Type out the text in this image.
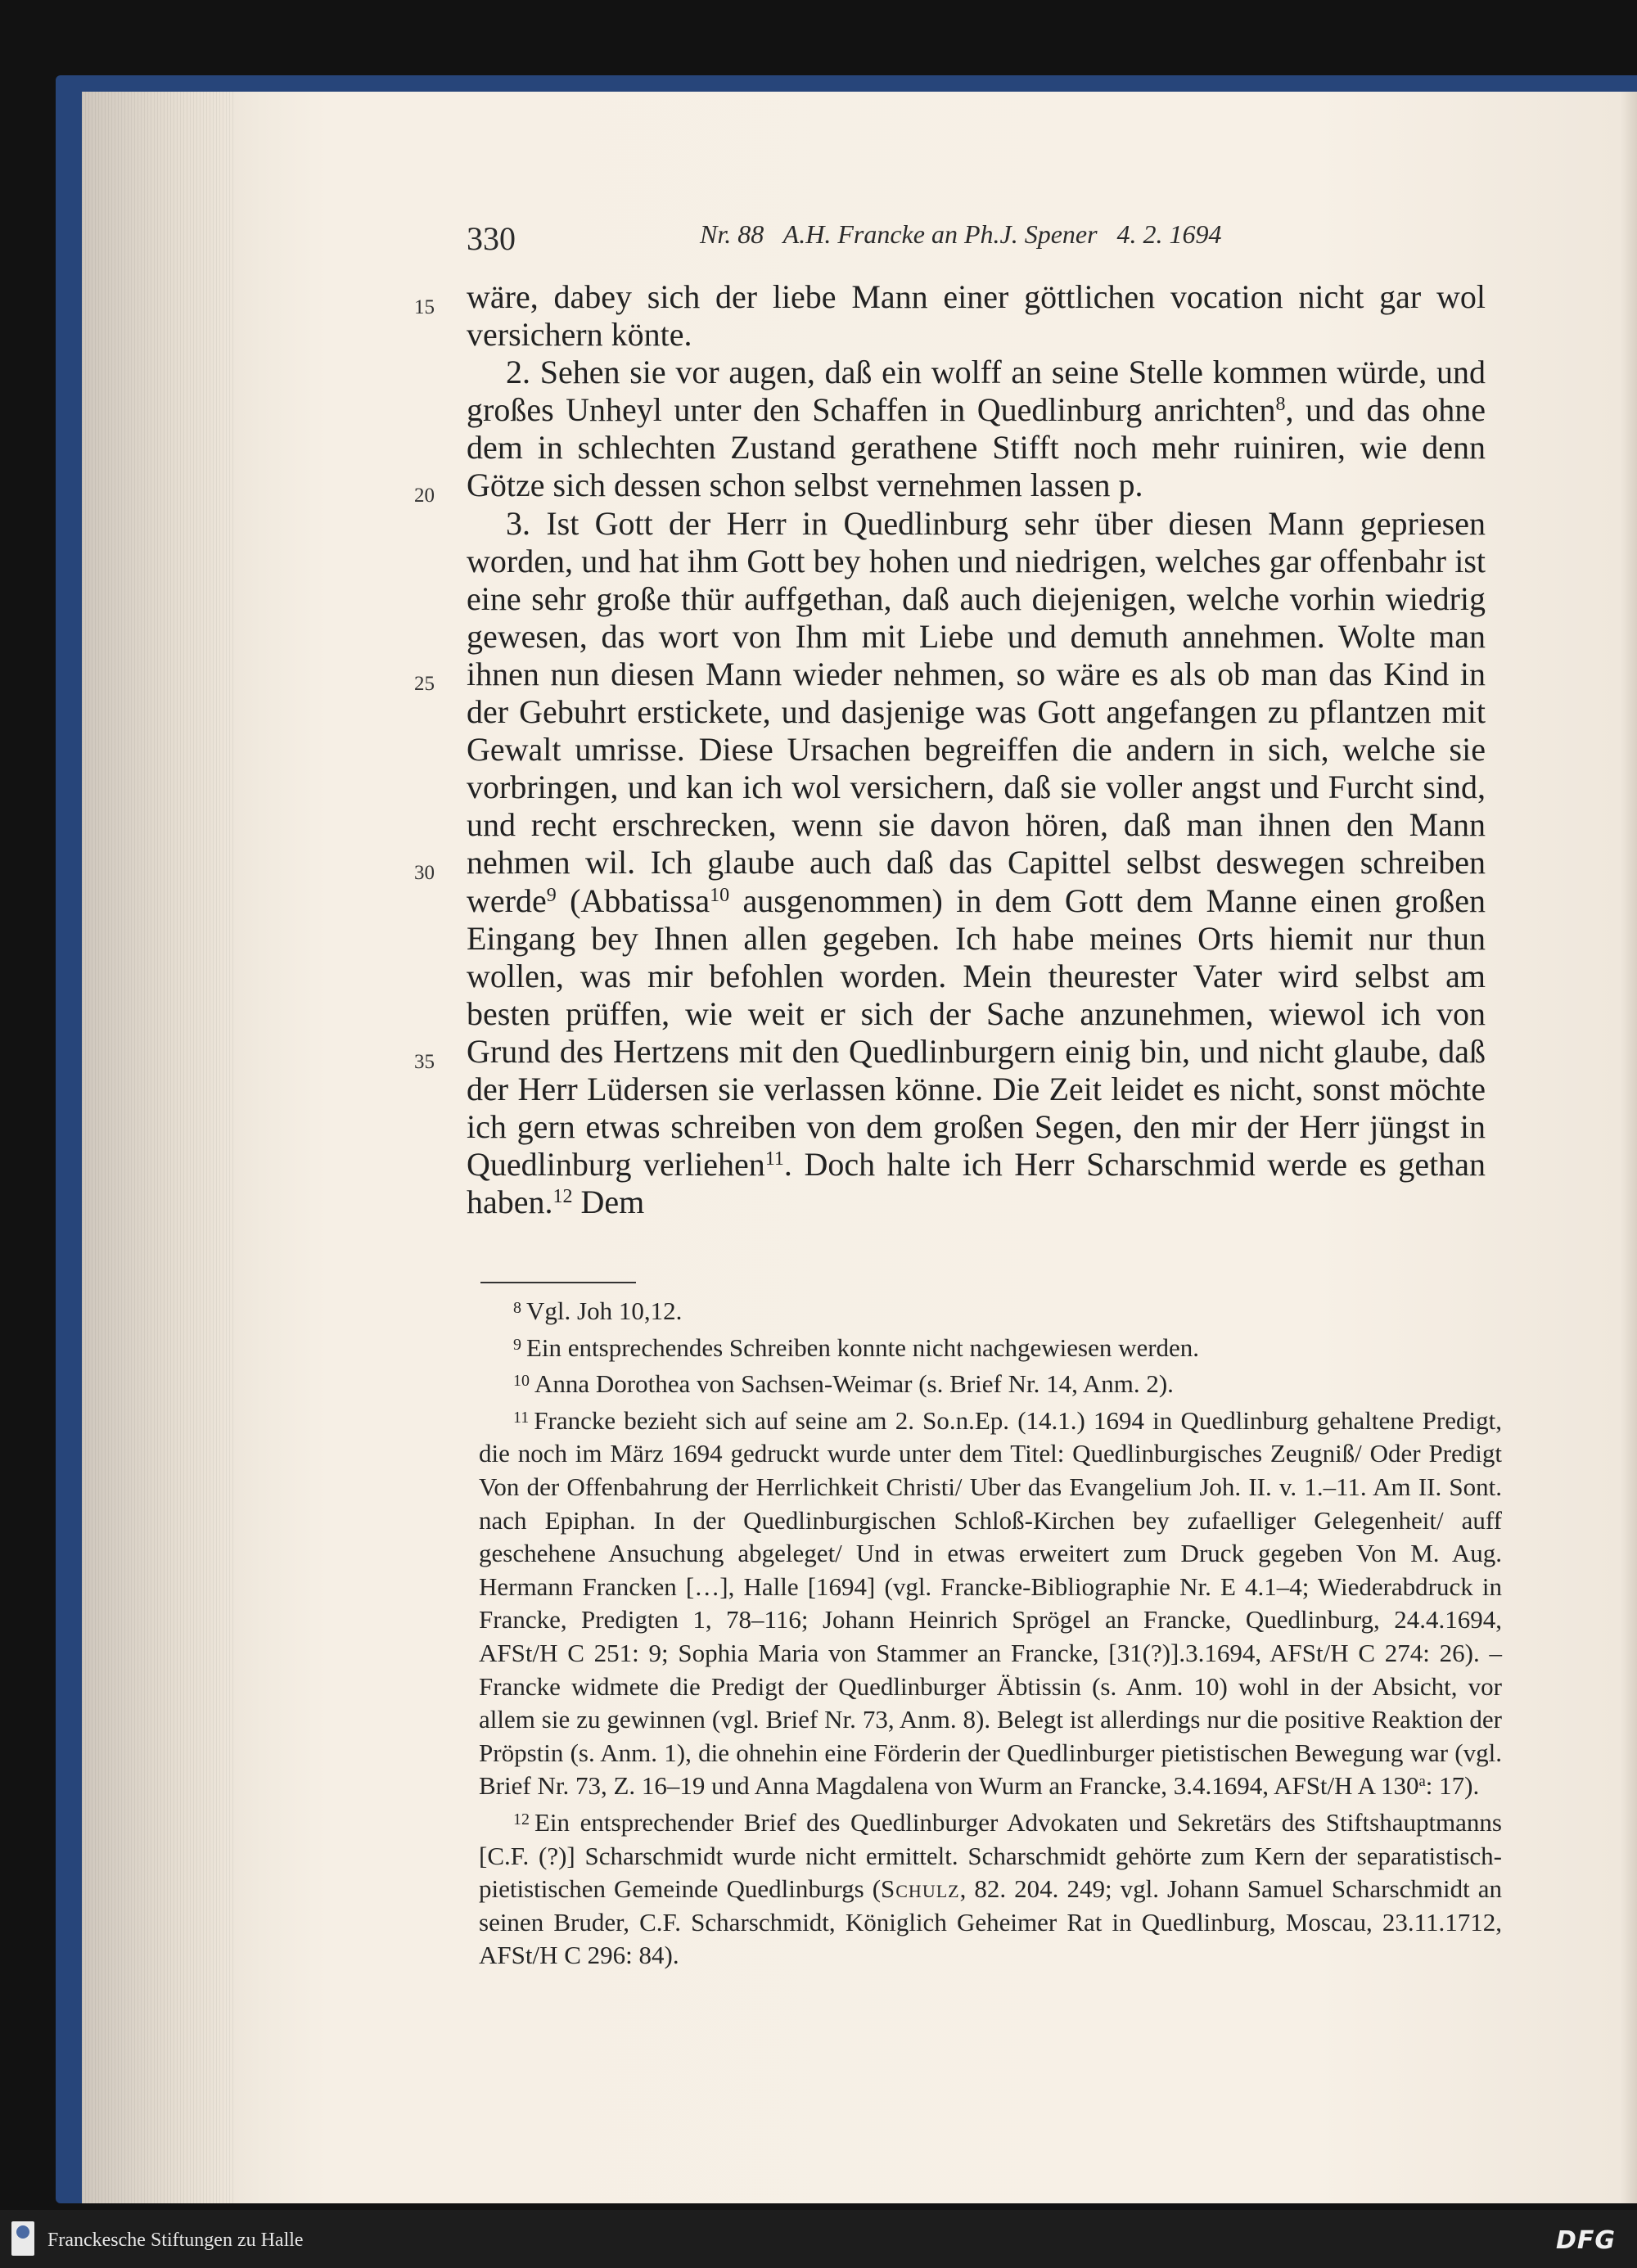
330	Nr. 88   A.H. Francke an Ph.J. Spener   4. 2. 1694
15
20
25
30
35

wäre, dabey sich der liebe Mann einer göttlichen vocation nicht gar wol versichern könte.

2. Sehen sie vor augen, daß ein wolff an seine Stelle kommen würde, und großes Unheyl unter den Schaffen in Quedlinburg anrichten$^8$, und das ohne dem in schlechten Zustand gerathene Stifft noch mehr ruiniren, wie denn Götze sich dessen schon selbst vernehmen lassen p.

3. Ist Gott der Herr in Quedlinburg sehr über diesen Mann gepriesen worden, und hat ihm Gott bey hohen und niedrigen, welches gar offenbahr ist eine sehr große thür auffgethan, daß auch diejenigen, welche vorhin wiedrig gewesen, das wort von Ihm mit Liebe und demuth annehmen. Wolte man ihnen nun diesen Mann wieder nehmen, so wäre es als ob man das Kind in der Gebuhrt erstickete, und dasjenige was Gott angefangen zu pflantzen mit Gewalt umrisse. Diese Ursachen begreiffen die andern in sich, welche sie vorbringen, und kan ich wol versichern, daß sie voller angst und Furcht sind, und recht erschrecken, wenn sie davon hören, daß man ihnen den Mann nehmen wil. Ich glaube auch daß das Capittel selbst deswegen schreiben werde$^9$ (Abbatissa$^{10}$ ausgenommen) in dem Gott dem Manne einen großen Eingang bey Ihnen allen gegeben. Ich habe meines Orts hiemit nur thun wollen, was mir befohlen worden. Mein theurester Vater wird selbst am besten prüffen, wie weit er sich der Sache anzunehmen, wiewol ich von Grund des Hertzens mit den Quedlinburgern einig bin, und nicht glaube, daß der Herr Lüdersen sie verlassen könne. Die Zeit leidet es nicht, sonst möchte ich gern etwas schreiben von dem großen Segen, den mir der Herr jüngst in Quedlinburg verliehen$^{11}$. Doch halte ich Herr Scharschmid werde es gethan haben.$^{12}$ Dem

$^8$ Vgl. Joh 10,12.

$^9$ Ein entsprechendes Schreiben konnte nicht nachgewiesen werden.

$^{10}$ Anna Dorothea von Sachsen-Weimar (s. Brief Nr. 14, Anm. 2).

$^{11}$ Francke bezieht sich auf seine am 2. So.n.Ep. (14.1.) 1694 in Quedlinburg gehaltene Predigt, die noch im März 1694 gedruckt wurde unter dem Titel: Quedlinburgisches Zeugniß/ Oder Predigt Von der Offenbahrung der Herrlichkeit Christi/ Uber das Evangelium Joh. II. v. 1.–11. Am II. Sont. nach Epiphan. In der Quedlinburgischen Schloß-Kirchen bey zufaelliger Gelegenheit/ auff geschehene Ansuchung abgeleget/ Und in etwas erweitert zum Druck gegeben Von M. Aug. Hermann Francken […], Halle [1694] (vgl. Francke-Bibliographie Nr. E 4.1–4; Wiederabdruck in Francke, Predigten 1, 78–116; Johann Heinrich Sprögel an Francke, Quedlinburg, 24.4.1694, AFSt/H C 251: 9; Sophia Maria von Stammer an Francke, [31(?)].3.1694, AFSt/H C 274: 26). – Francke widmete die Predigt der Quedlinburger Äbtissin (s. Anm. 10) wohl in der Absicht, vor allem sie zu gewinnen (vgl. Brief Nr. 73, Anm. 8). Belegt ist allerdings nur die positive Reaktion der Pröpstin (s. Anm. 1), die ohnehin eine Förderin der Quedlinburger pietistischen Bewegung war (vgl. Brief Nr. 73, Z. 16–19 und Anna Magdalena von Wurm an Francke, 3.4.1694, AFSt/H A 130$^a$: 17).

$^{12}$ Ein entsprechender Brief des Quedlinburger Advokaten und Sekretärs des Stiftshauptmanns [C.F. (?)] Scharschmidt wurde nicht ermittelt. Scharschmidt gehörte zum Kern der separatistisch-pietistischen Gemeinde Quedlinburgs (Schulz, 82. 204. 249; vgl. Johann Samuel Scharschmidt an seinen Bruder, C.F. Scharschmidt, Königlich Geheimer Rat in Quedlinburg, Moscau, 23.11.1712, AFSt/H C 296: 84).

Franckesche Stiftungen zu Halle	DFG
